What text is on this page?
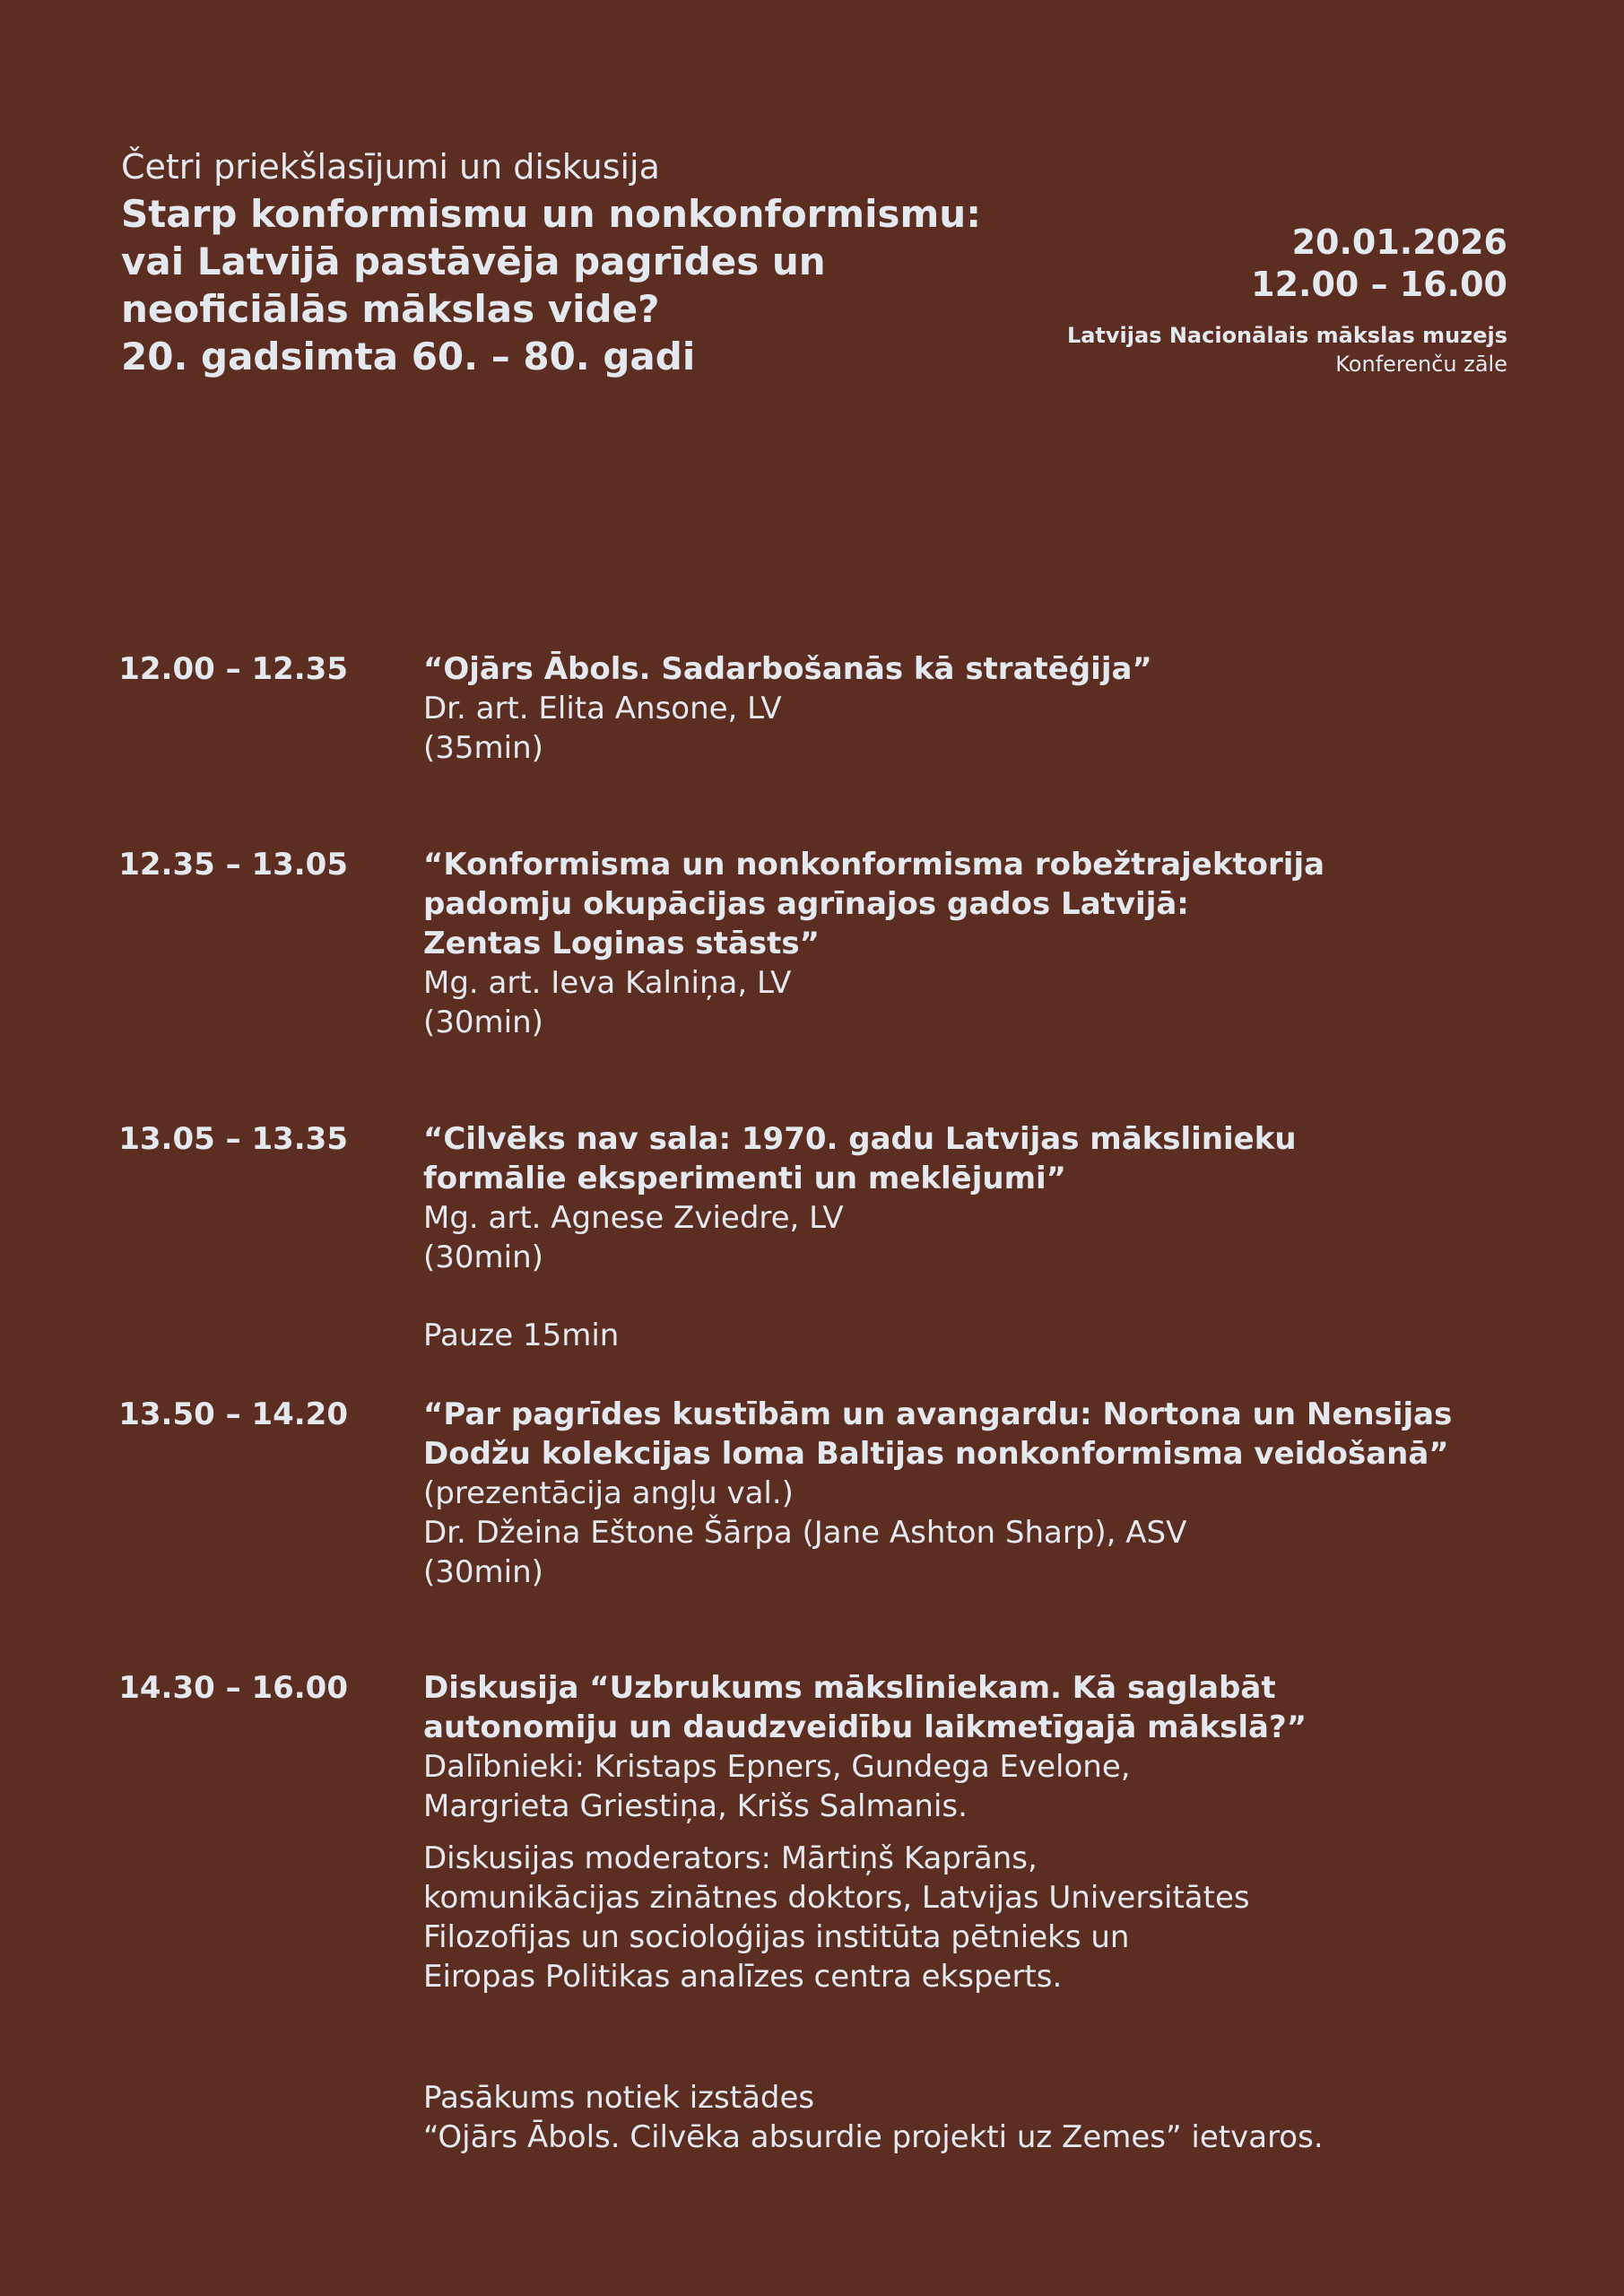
Četri priekšlasījumi un diskusija
Starp konformismu un nonkonformismu:
vai Latvijā pastāvēja pagrīdes un
neoficiālās mākslas vide?
20. gadsimta 60. – 80. gadi
20.01.2026
12.00 – 16.00
Latvijas Nacionālais mākslas muzejs
Konferenču zāle
12.00 – 12.35 “Ojārs Ābols. Sadarbošanās kā stratēģija”
Dr. art. Elita Ansone, LV
(35min)
12.35 – 13.05 “Konformisma un nonkonformisma robežtrajektorija
padomju okupācijas agrīnajos gados Latvijā:
Zentas Loginas stāsts”
Mg. art. Ieva Kalniņa, LV
(30min)
13.05 – 13.35 “Cilvēks nav sala: 1970. gadu Latvijas mākslinieku
formālie eksperimenti un meklējumi”
Mg. art. Agnese Zviedre, LV
(30min)
Pauze 15min
13.50 – 14.20 “Par pagrīdes kustībām un avangardu: Nortona un Nensijas
Dodžu kolekcijas loma Baltijas nonkonformisma veidošanā”
(prezentācija angļu val.)
Dr. Džeina Eštone Šārpa (Jane Ashton Sharp), ASV
(30min)
14.30 – 16.00 Diskusija “Uzbrukums māksliniekam. Kā saglabāt
autonomiju un daudzveidību laikmetīgajā mākslā?”
Dalībnieki: Kristaps Epners, Gundega Evelone,
Margrieta Griestiņa, Krišs Salmanis.
Diskusijas moderators: Mārtiņš Kaprāns,
komunikācijas zinātnes doktors, Latvijas Universitātes
Filozofijas un socioloģijas institūta pētnieks un
Eiropas Politikas analīzes centra eksperts.
Pasākums notiek izstādes
“Ojārs Ābols. Cilvēka absurdie projekti uz Zemes” ietvaros.
